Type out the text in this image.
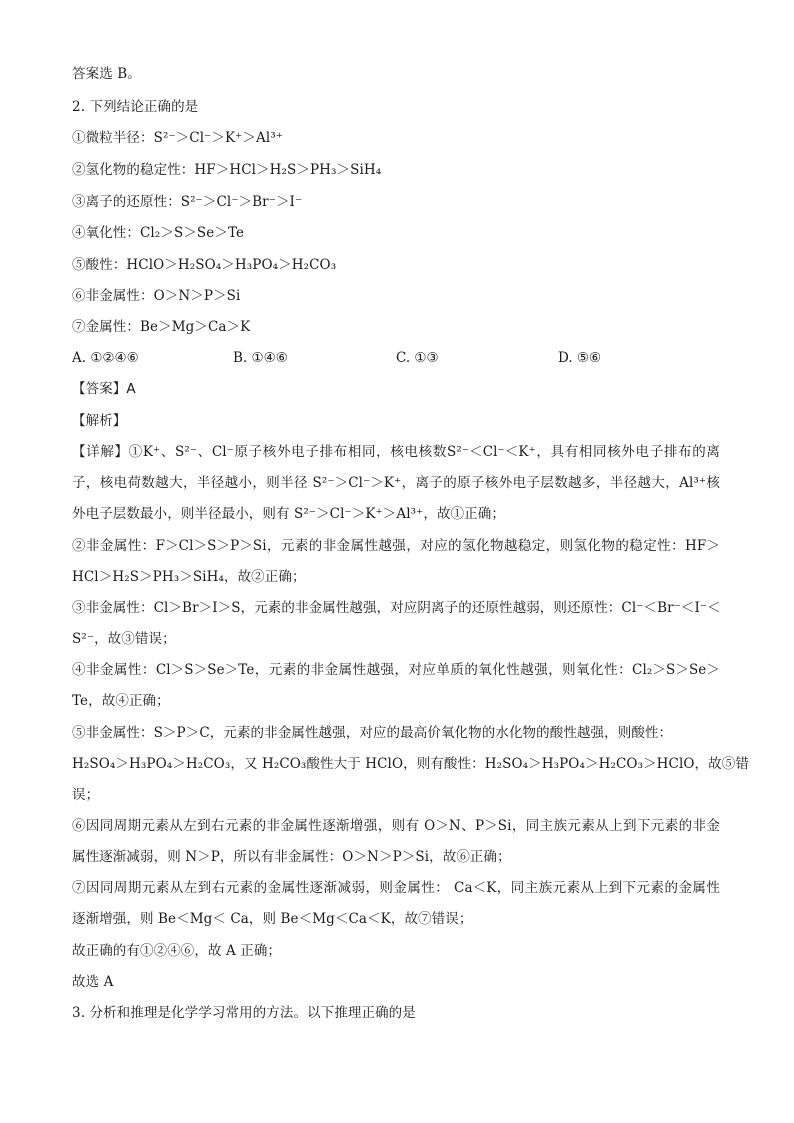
答案选 B。
2. 下列结论正确的是
①微粒半径：S²⁻＞Cl⁻＞K⁺＞Al³⁺
②氢化物的稳定性：HF＞HCl＞H₂S＞PH₃＞SiH₄
③离子的还原性：S²⁻＞Cl⁻＞Br⁻＞I⁻
④氧化性：Cl₂＞S＞Se＞Te
⑤酸性：HClO＞H₂SO₄＞H₃PO₄＞H₂CO₃
⑥非金属性：O＞N＞P＞Si
⑦金属性：Be＞Mg＞Ca＞K
A. ①②④⑥	B. ①④⑥	C. ①③	D. ⑤⑥
【答案】A
【解析】
【详解】①K⁺、S²⁻、Cl⁻原子核外电子排布相同，核电核数S²⁻＜Cl⁻＜K⁺，具有相同核外电子排布的离
子，核电荷数越大，半径越小，则半径 S²⁻＞Cl⁻＞K⁺，离子的原子核外电子层数越多，半径越大，Al³⁺核
外电子层数最小，则半径最小，则有 S²⁻＞Cl⁻＞K⁺＞Al³⁺，故①正确；
②非金属性：F＞Cl＞S＞P＞Si，元素的非金属性越强，对应的氢化物越稳定，则氢化物的稳定性：HF＞
HCl＞H₂S＞PH₃＞SiH₄，故②正确；
③非金属性：Cl＞Br＞I＞S，元素的非金属性越强，对应阴离子的还原性越弱，则还原性：Cl⁻＜Br⁻＜I⁻＜
S²⁻，故③错误；
④非金属性：Cl＞S＞Se＞Te，元素的非金属性越强，对应单质的氧化性越强，则氧化性：Cl₂＞S＞Se＞
Te，故④正确；
⑤非金属性：S＞P＞C，元素的非金属性越强，对应的最高价氧化物的水化物的酸性越强，则酸性：
H₂SO₄＞H₃PO₄＞H₂CO₃，又 H₂CO₃酸性大于 HClO，则有酸性：H₂SO₄＞H₃PO₄＞H₂CO₃＞HClO，故⑤错
误；
⑥因同周期元素从左到右元素的非金属性逐渐增强，则有 O＞N、P＞Si，同主族元素从上到下元素的非金
属性逐渐减弱，则 N＞P，所以有非金属性：O＞N＞P＞Si，故⑥正确；
⑦因同周期元素从左到右元素的金属性逐渐减弱，则金属性： Ca＜K，同主族元素从上到下元素的金属性
逐渐增强，则 Be＜Mg＜ Ca，则 Be＜Mg＜Ca＜K，故⑦错误；
故正确的有①②④⑥，故 A 正确；
故选 A
3. 分析和推理是化学学习常用的方法。以下推理正确的是
